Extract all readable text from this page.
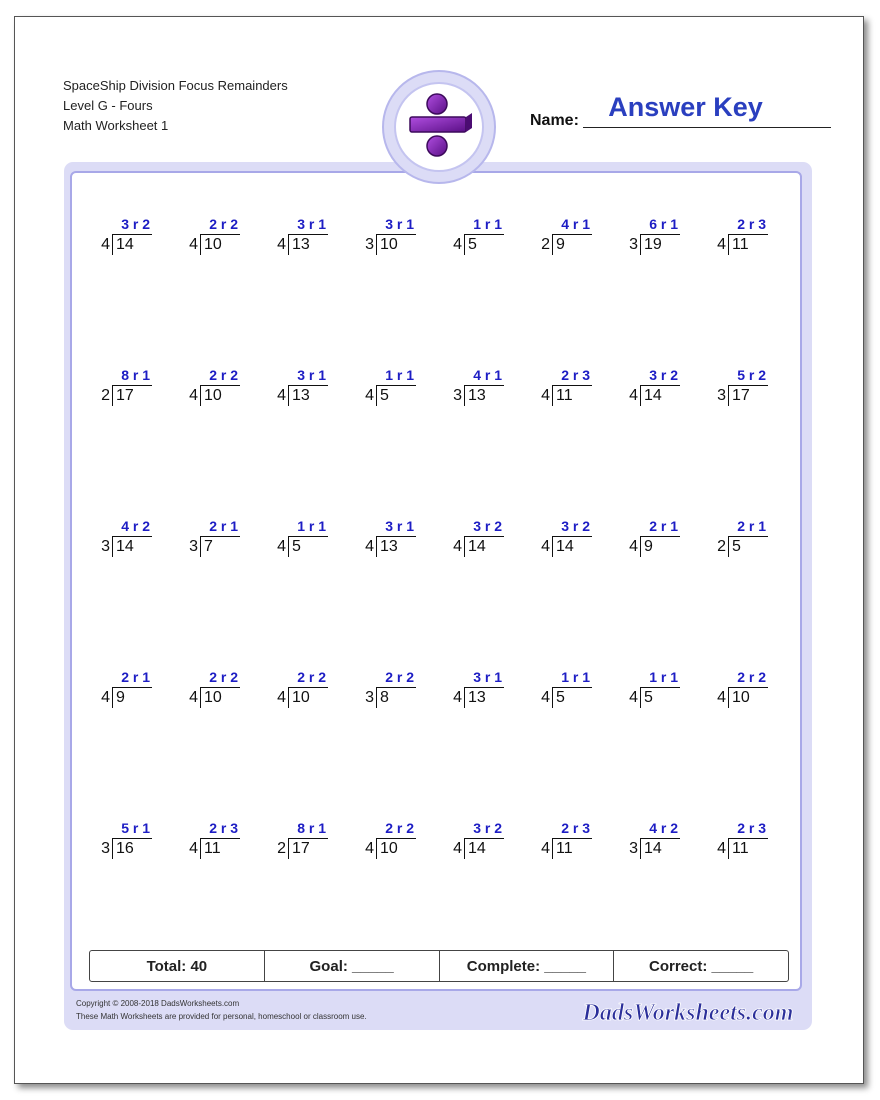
SpaceShip Division Focus Remainders
Level G - Fours
Math Worksheet 1	Name:	Answer Key
3 r 2
4 14
2 r 2
4 10
3 r 1
4 13
3 r 1
3 10
1 r 1
4 5
4 r 1
2 9
6 r 1
3 19
2 r 3
4 11
8 r 1
2 17
2 r 2
4 10
3 r 1
4 13
1 r 1
4 5
4 r 1
3 13
2 r 3
4 11
3 r 2
4 14
5 r 2
3 17
4 r 2
3 14
2 r 1
3 7
1 r 1
4 5
3 r 1
4 13
3 r 2
4 14
3 r 2
4 14
2 r 1
4 9
2 r 1
2 5
2 r 1
4 9
2 r 2
4 10
2 r 2
4 10
2 r 2
3 8
3 r 1
4 13
1 r 1
4 5
1 r 1
4 5
2 r 2
4 10
5 r 1
3 16
2 r 3
4 11
8 r 1
2 17
2 r 2
4 10
3 r 2
4 14
2 r 3
4 11
4 r 2
3 14
2 r 3
4 11
Total: 40	Goal: _____	Complete: _____	Correct: _____
Copyright © 2008-2018 DadsWorksheets.com
These Math Worksheets are provided for personal, homeschool or classroom use.	DadsWorksheets.com
